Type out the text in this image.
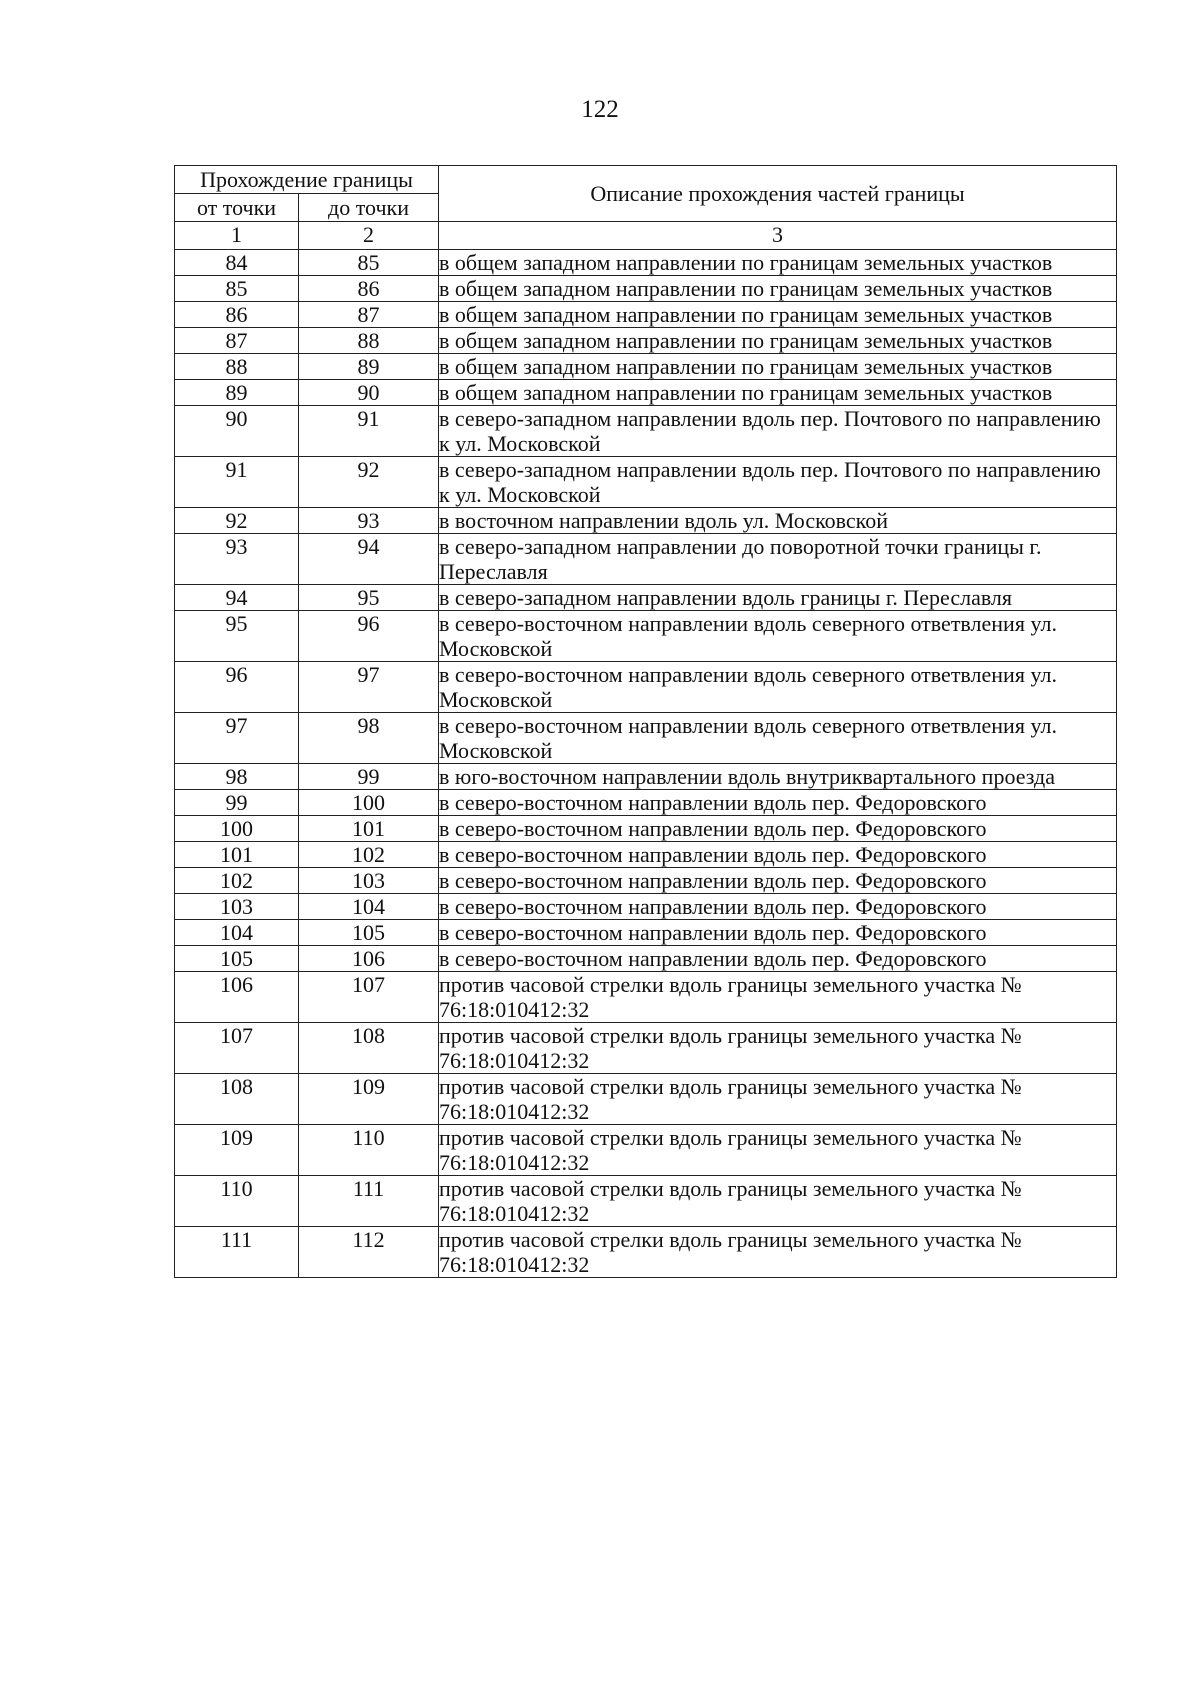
122
Прохождение границы		Описание прохождения частей границы
от точки	до точки	
1	2	3
84	85	в общем западном направлении по границам земельных участков
85	86	в общем западном направлении по границам земельных участков
86	87	в общем западном направлении по границам земельных участков
87	88	в общем западном направлении по границам земельных участков
88	89	в общем западном направлении по границам земельных участков
89	90	в общем западном направлении по границам земельных участков
90	91	в северо-западном направлении вдоль пер. Почтового по направлению к ул. Московской
91	92	в северо-западном направлении вдоль пер. Почтового по направлению к ул. Московской
92	93	в восточном направлении вдоль ул. Московской
93	94	в северо-западном направлении до поворотной точки границы г. Переславля
94	95	в северо-западном направлении вдоль границы г. Переславля
95	96	в северо-восточном направлении вдоль северного ответвления ул. Московской
96	97	в северо-восточном направлении вдоль северного ответвления ул. Московской
97	98	в северо-восточном направлении вдоль северного ответвления ул. Московской
98	99	в юго-восточном направлении вдоль внутриквартального проезда
99	100	в северо-восточном направлении вдоль пер. Федоровского
100	101	в северо-восточном направлении вдоль пер. Федоровского
101	102	в северо-восточном направлении вдоль пер. Федоровского
102	103	в северо-восточном направлении вдоль пер. Федоровского
103	104	в северо-восточном направлении вдоль пер. Федоровского
104	105	в северо-восточном направлении вдоль пер. Федоровского
105	106	в северо-восточном направлении вдоль пер. Федоровского
106	107	против часовой стрелки вдоль границы земельного участка № 76:18:010412:32
107	108	против часовой стрелки вдоль границы земельного участка № 76:18:010412:32
108	109	против часовой стрелки вдоль границы земельного участка № 76:18:010412:32
109	110	против часовой стрелки вдоль границы земельного участка № 76:18:010412:32
110	111	против часовой стрелки вдоль границы земельного участка № 76:18:010412:32
111	112	против часовой стрелки вдоль границы земельного участка № 76:18:010412:32
